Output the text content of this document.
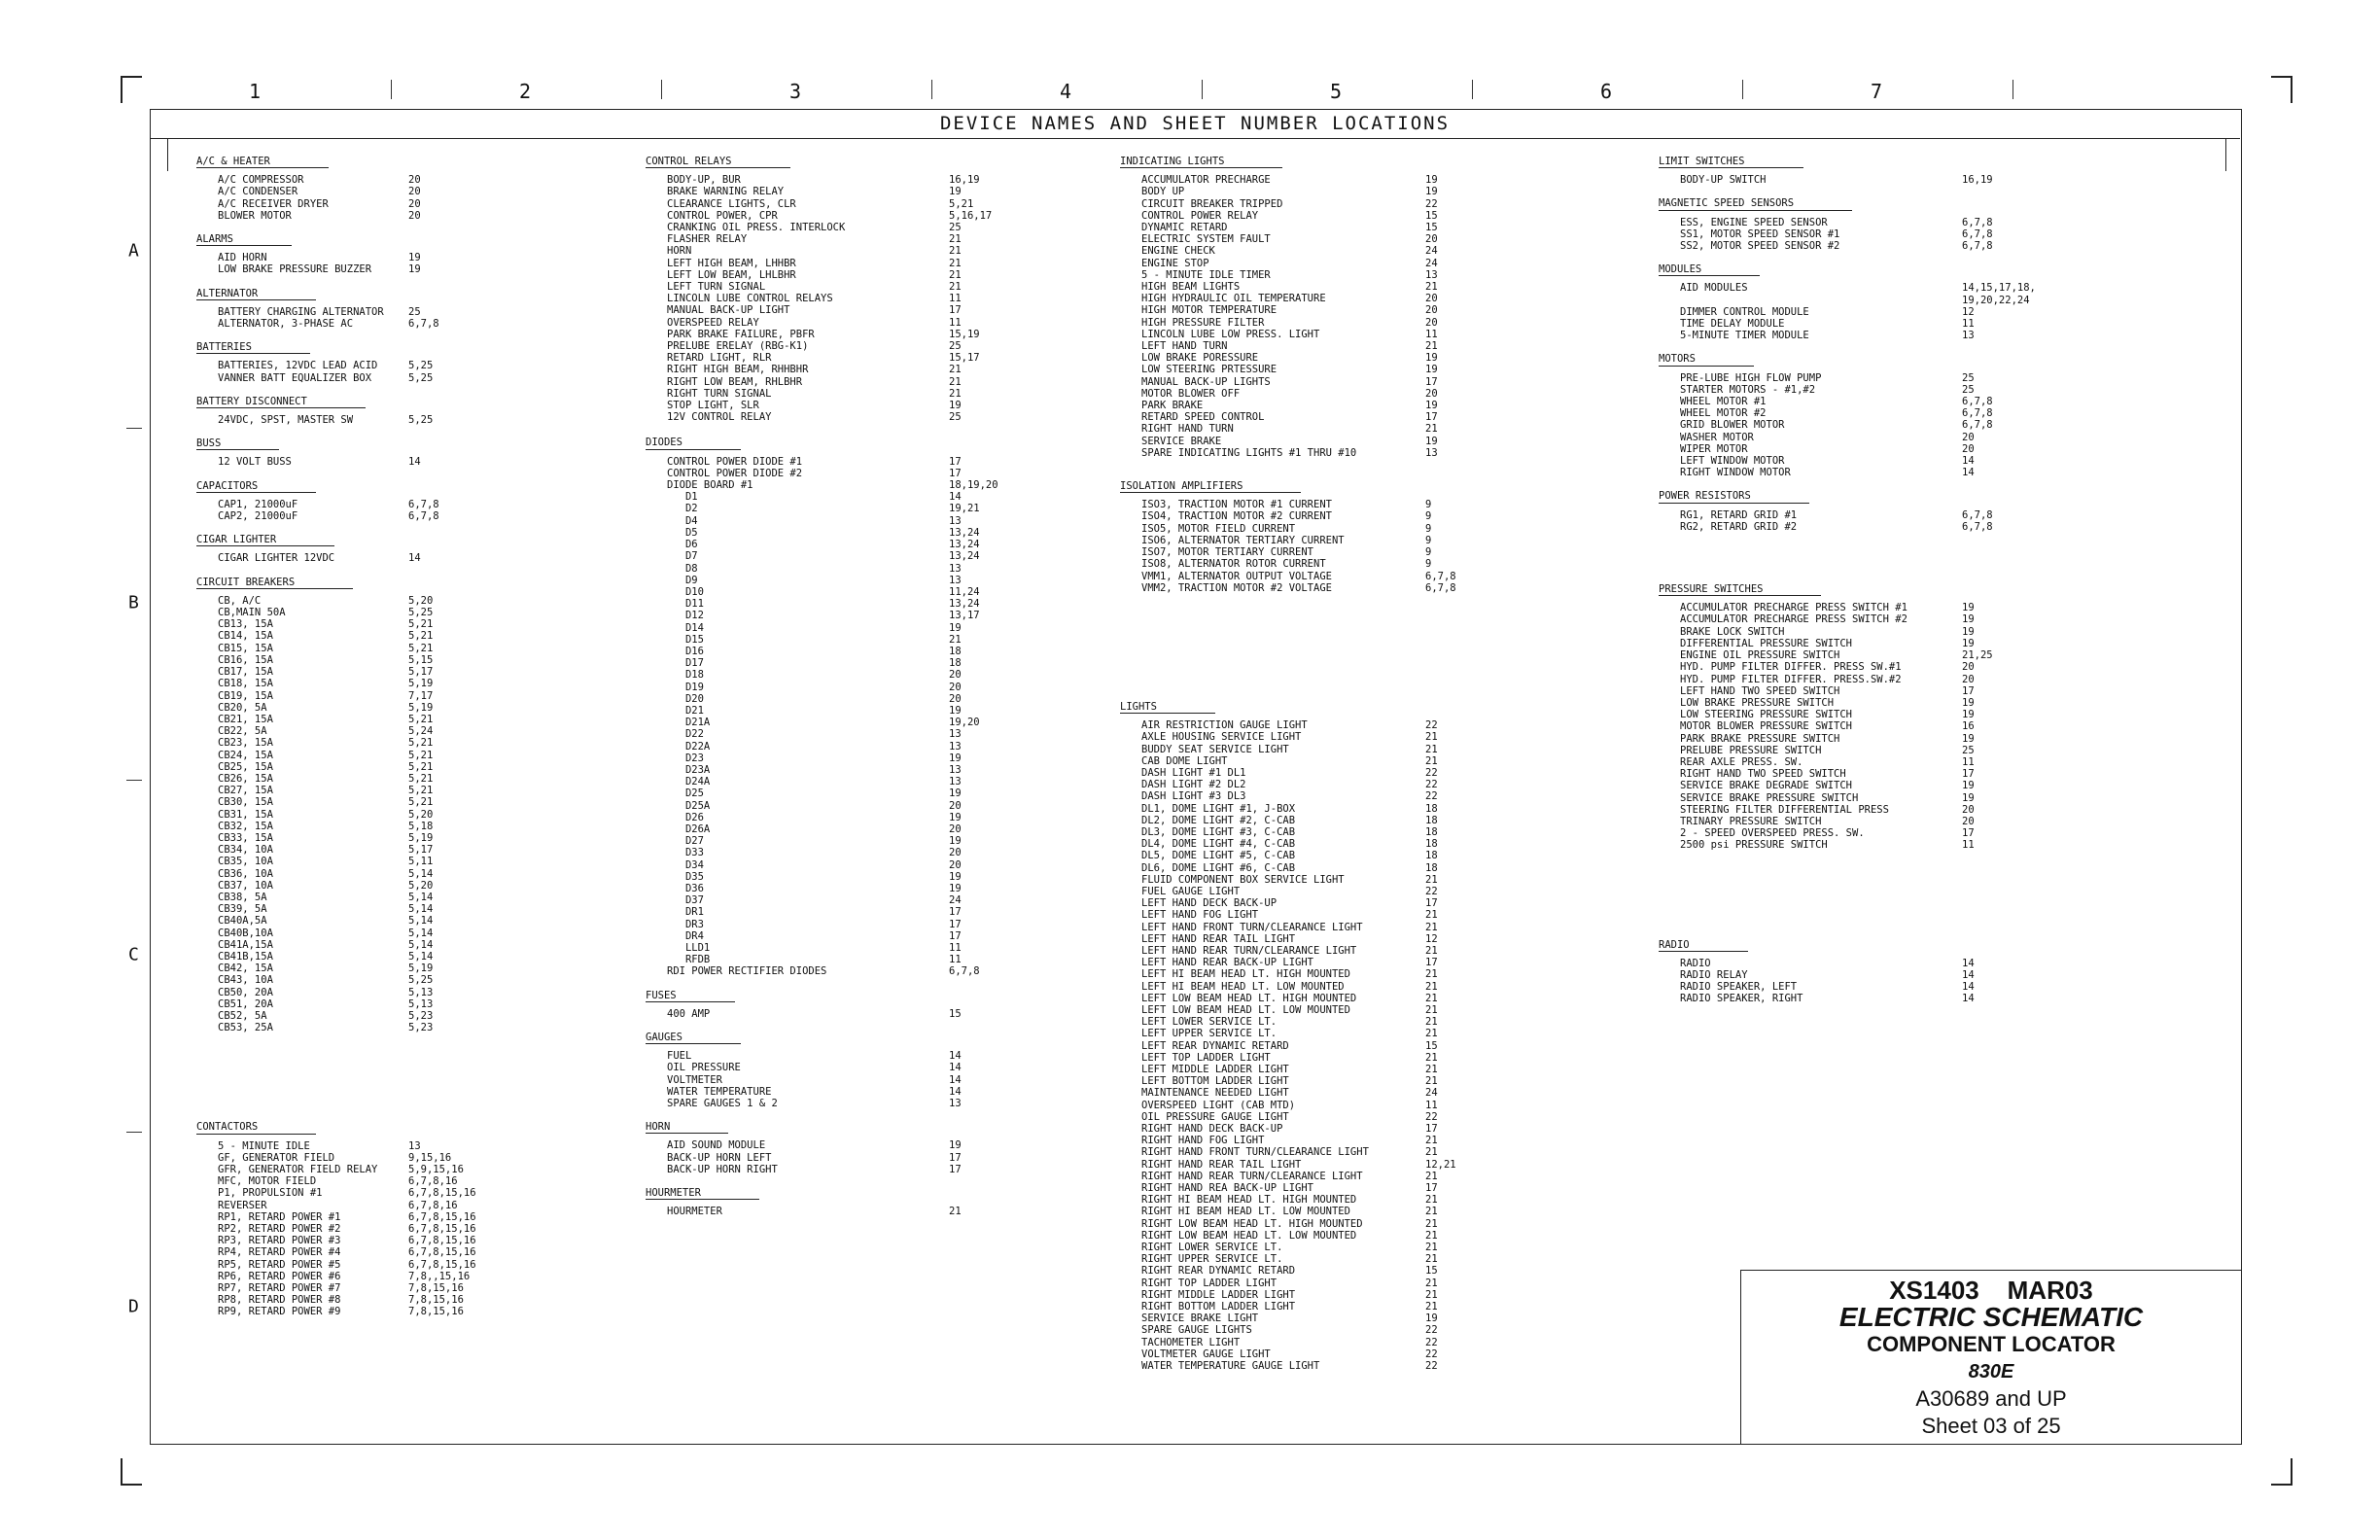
1	2	3	4	5	6	7
A
B
C
D
DEVICE NAMES AND SHEET NUMBER LOCATIONS
A/C & HEATER
A/C COMPRESSOR	20
A/C CONDENSER	20
A/C RECEIVER DRYER	20
BLOWER MOTOR	20
ALARMS
AID HORN	19
LOW BRAKE PRESSURE BUZZER	19
ALTERNATOR
BATTERY CHARGING ALTERNATOR	25
ALTERNATOR, 3-PHASE AC	6,7,8
BATTERIES
BATTERIES, 12VDC LEAD ACID	5,25
VANNER BATT EQUALIZER BOX	5,25
BATTERY DISCONNECT
24VDC, SPST, MASTER SW	5,25
BUSS
12 VOLT BUSS	14
CAPACITORS
CAP1, 21000uF	6,7,8
CAP2, 21000uF	6,7,8
CIGAR LIGHTER
CIGAR LIGHTER 12VDC	14
CIRCUIT BREAKERS
CB, A/C	5,20
CB,MAIN 50A	5,25
CB13, 15A	5,21
CB14, 15A	5,21
CB15, 15A	5,21
CB16, 15A	5,15
CB17, 15A	5,17
CB18, 15A	5,19
CB19, 15A	7,17
CB20, 5A	5,19
CB21, 15A	5,21
CB22, 5A	5,24
CB23, 15A	5,21
CB24, 15A	5,21
CB25, 15A	5,21
CB26, 15A	5,21
CB27, 15A	5,21
CB30, 15A	5,21
CB31, 15A	5,20
CB32, 15A	5,18
CB33, 15A	5,19
CB34, 10A	5,17
CB35, 10A	5,11
CB36, 10A	5,14
CB37, 10A	5,20
CB38, 5A	5,14
CB39, 5A	5,14
CB40A,5A	5,14
CB40B,10A	5,14
CB41A,15A	5,14
CB41B,15A	5,14
CB42, 15A	5,19
CB43, 10A	5,25
CB50, 20A	5,13
CB51, 20A	5,13
CB52, 5A	5,23
CB53, 25A	5,23
CONTACTORS
5 - MINUTE IDLE	13
GF, GENERATOR FIELD	9,15,16
GFR, GENERATOR FIELD RELAY	5,9,15,16
MFC, MOTOR FIELD	6,7,8,16
P1, PROPULSION #1	6,7,8,15,16
REVERSER	6,7,8,16
RP1, RETARD POWER #1	6,7,8,15,16
RP2, RETARD POWER #2	6,7,8,15,16
RP3, RETARD POWER #3	6,7,8,15,16
RP4, RETARD POWER #4	6,7,8,15,16
RP5, RETARD POWER #5	6,7,8,15,16
RP6, RETARD POWER #6	7,8,,15,16
RP7, RETARD POWER #7	7,8,15,16
RP8, RETARD POWER #8	7,8,15,16
RP9, RETARD POWER #9	7,8,15,16
CONTROL RELAYS
BODY-UP, BUR	16,19
BRAKE WARNING RELAY	19
CLEARANCE LIGHTS, CLR	5,21
CONTROL POWER, CPR	5,16,17
CRANKING OIL PRESS. INTERLOCK	25
FLASHER RELAY	21
HORN	21
LEFT HIGH BEAM, LHHBR	21
LEFT LOW BEAM, LHLBHR	21
LEFT TURN SIGNAL	21
LINCOLN LUBE CONTROL RELAYS	11
MANUAL BACK-UP LIGHT	17
OVERSPEED RELAY	11
PARK BRAKE FAILURE, PBFR	15,19
PRELUBE ERELAY (RBG-K1)	25
RETARD LIGHT, RLR	15,17
RIGHT HIGH BEAM, RHHBHR	21
RIGHT LOW BEAM, RHLBHR	21
RIGHT TURN SIGNAL	21
STOP LIGHT, SLR	19
12V CONTROL RELAY	25
DIODES
CONTROL POWER DIODE #1	17
CONTROL POWER DIODE #2	17
DIODE BOARD #1	18,19,20
D1	14
D2	19,21
D4	13
D5	13,24
D6	13,24
D7	13,24
D8	13
D9	13
D10	11,24
D11	13,24
D12	13,17
D14	19
D15	21
D16	18
D17	18
D18	20
D19	20
D20	20
D21	19
D21A	19,20
D22	13
D22A	13
D23	19
D23A	13
D24A	13
D25	19
D25A	20
D26	19
D26A	20
D27	19
D33	20
D34	20
D35	19
D36	19
D37	24
DR1	17
DR3	17
DR4	17
LLD1	11
RFDB	11
RDI POWER RECTIFIER DIODES	6,7,8
FUSES
400 AMP	15
GAUGES
FUEL	14
OIL PRESSURE	14
VOLTMETER	14
WATER TEMPERATURE	14
SPARE GAUGES 1 & 2	13
HORN
AID SOUND MODULE	19
BACK-UP HORN LEFT	17
BACK-UP HORN RIGHT	17
HOURMETER
HOURMETER	21
INDICATING LIGHTS
ACCUMULATOR PRECHARGE	19
BODY UP	19
CIRCUIT BREAKER TRIPPED	22
CONTROL POWER RELAY	15
DYNAMIC RETARD	15
ELECTRIC SYSTEM FAULT	20
ENGINE CHECK	24
ENGINE STOP	24
5 - MINUTE IDLE TIMER	13
HIGH BEAM LIGHTS	21
HIGH HYDRAULIC OIL TEMPERATURE	20
HIGH MOTOR TEMPERATURE	20
HIGH PRESSURE FILTER	20
LINCOLN LUBE LOW PRESS. LIGHT	11
LEFT HAND TURN	21
LOW BRAKE PORESSURE	19
LOW STEERING PRTESSURE	19
MANUAL BACK-UP LIGHTS	17
MOTOR BLOWER OFF	20
PARK BRAKE	19
RETARD SPEED CONTROL	17
RIGHT HAND TURN	21
SERVICE BRAKE	19
SPARE INDICATING LIGHTS #1 THRU #10	13
ISOLATION AMPLIFIERS
ISO3, TRACTION MOTOR #1 CURRENT	9
ISO4, TRACTION MOTOR #2 CURRENT	9
ISO5, MOTOR FIELD CURRENT	9
ISO6, ALTERNATOR TERTIARY CURRENT	9
ISO7, MOTOR TERTIARY CURRENT	9
ISO8, ALTERNATOR ROTOR CURRENT	9
VMM1, ALTERNATOR OUTPUT VOLTAGE	6,7,8
VMM2, TRACTION MOTOR #2 VOLTAGE	6,7,8
LIGHTS
AIR RESTRICTION GAUGE LIGHT	22
AXLE HOUSING SERVICE LIGHT	21
BUDDY SEAT SERVICE LIGHT	21
CAB DOME LIGHT	21
DASH LIGHT #1 DL1	22
DASH LIGHT #2 DL2	22
DASH LIGHT #3 DL3	22
DL1, DOME LIGHT #1, J-BOX	18
DL2, DOME LIGHT #2, C-CAB	18
DL3, DOME LIGHT #3, C-CAB	18
DL4, DOME LIGHT #4, C-CAB	18
DL5, DOME LIGHT #5, C-CAB	18
DL6, DOME LIGHT #6, C-CAB	18
FLUID COMPONENT BOX SERVICE LIGHT	21
FUEL GAUGE LIGHT	22
LEFT HAND DECK BACK-UP	17
LEFT HAND FOG LIGHT	21
LEFT HAND FRONT TURN/CLEARANCE LIGHT	21
LEFT HAND REAR TAIL LIGHT	12
LEFT HAND REAR TURN/CLEARANCE LIGHT	21
LEFT HAND REAR BACK-UP LIGHT	17
LEFT HI BEAM HEAD LT. HIGH MOUNTED	21
LEFT HI BEAM HEAD LT. LOW MOUNTED	21
LEFT LOW BEAM HEAD LT. HIGH MOUNTED	21
LEFT LOW BEAM HEAD LT. LOW MOUNTED	21
LEFT LOWER SERVICE LT.	21
LEFT UPPER SERVICE LT.	21
LEFT REAR DYNAMIC RETARD	15
LEFT TOP LADDER LIGHT	21
LEFT MIDDLE LADDER LIGHT	21
LEFT BOTTOM LADDER LIGHT	21
MAINTENANCE NEEDED LIGHT	24
OVERSPEED LIGHT (CAB MTD)	11
OIL PRESSURE GAUGE LIGHT	22
RIGHT HAND DECK BACK-UP	17
RIGHT HAND FOG LIGHT	21
RIGHT HAND FRONT TURN/CLEARANCE LIGHT	21
RIGHT HAND REAR TAIL LIGHT	12,21
RIGHT HAND REAR TURN/CLEARANCE LIGHT	21
RIGHT HAND REA BACK-UP LIGHT	17
RIGHT HI BEAM HEAD LT. HIGH MOUNTED	21
RIGHT HI BEAM HEAD LT. LOW MOUNTED	21
RIGHT LOW BEAM HEAD LT. HIGH MOUNTED	21
RIGHT LOW BEAM HEAD LT. LOW MOUNTED	21
RIGHT LOWER SERVICE LT.	21
RIGHT UPPER SERVICE LT.	21
RIGHT REAR DYNAMIC RETARD	15
RIGHT TOP LADDER LIGHT	21
RIGHT MIDDLE LADDER LIGHT	21
RIGHT BOTTOM LADDER LIGHT	21
SERVICE BRAKE LIGHT	19
SPARE GAUGE LIGHTS	22
TACHOMETER LIGHT	22
VOLTMETER GAUGE LIGHT	22
WATER TEMPERATURE GAUGE LIGHT	22
LIMIT SWITCHES
BODY-UP SWITCH	16,19
MAGNETIC SPEED SENSORS
ESS, ENGINE SPEED SENSOR	6,7,8
SS1, MOTOR SPEED SENSOR #1	6,7,8
SS2, MOTOR SPEED SENSOR #2	6,7,8
MODULES
AID MODULES	14,15,17,18,
19,20,22,24
DIMMER CONTROL MODULE	12
TIME DELAY MODULE	11
5-MINUTE TIMER MODULE	13
MOTORS
PRE-LUBE HIGH FLOW PUMP	25
STARTER MOTORS - #1,#2	25
WHEEL MOTOR #1	6,7,8
WHEEL MOTOR #2	6,7,8
GRID BLOWER MOTOR	6,7,8
WASHER MOTOR	20
WIPER MOTOR	20
LEFT WINDOW MOTOR	14
RIGHT WINDOW MOTOR	14
POWER RESISTORS
RG1, RETARD GRID #1	6,7,8
RG2, RETARD GRID #2	6,7,8
PRESSURE SWITCHES
ACCUMULATOR PRECHARGE PRESS SWITCH #1	19
ACCUMULATOR PRECHARGE PRESS SWITCH #2	19
BRAKE LOCK SWITCH	19
DIFFERENTIAL PRESSURE SWITCH	19
ENGINE OIL PRESSURE SWITCH	21,25
HYD. PUMP FILTER DIFFER. PRESS SW.#1	20
HYD. PUMP FILTER DIFFER. PRESS.SW.#2	20
LEFT HAND TWO SPEED SWITCH	17
LOW BRAKE PRESSURE SWITCH	19
LOW STEERING PRESSURE SWITCH	19
MOTOR BLOWER PRESSURE SWITCH	16
PARK BRAKE PRESSURE SWITCH	19
PRELUBE PRESSURE SWITCH	25
REAR AXLE PRESS. SW.	11
RIGHT HAND TWO SPEED SWITCH	17
SERVICE BRAKE DEGRADE SWITCH	19
SERVICE BRAKE PRESSURE SWITCH	19
STEERING FILTER DIFFERENTIAL PRESS	20
TRINARY PRESSURE SWITCH	20
2 - SPEED OVERSPEED PRESS. SW.	17
2500 psi PRESSURE SWITCH	11
RADIO
RADIO	14
RADIO RELAY	14
RADIO SPEAKER, LEFT	14
RADIO SPEAKER, RIGHT	14
XS1403    MAR03
ELECTRIC SCHEMATIC
COMPONENT LOCATOR
830E
A30689 and UP
Sheet 03 of 25
